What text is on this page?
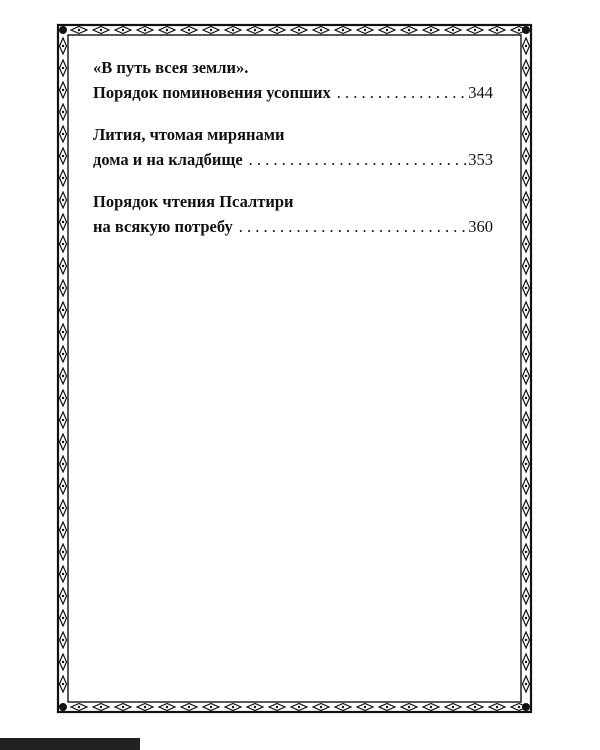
«В путь всея земли».
Порядок поминовения усопших . . .	344
Лития, чтомая мирянами
дома и на кладбище . . .	353
Порядок чтения Псалтири
на всякую потребу . . .	360
